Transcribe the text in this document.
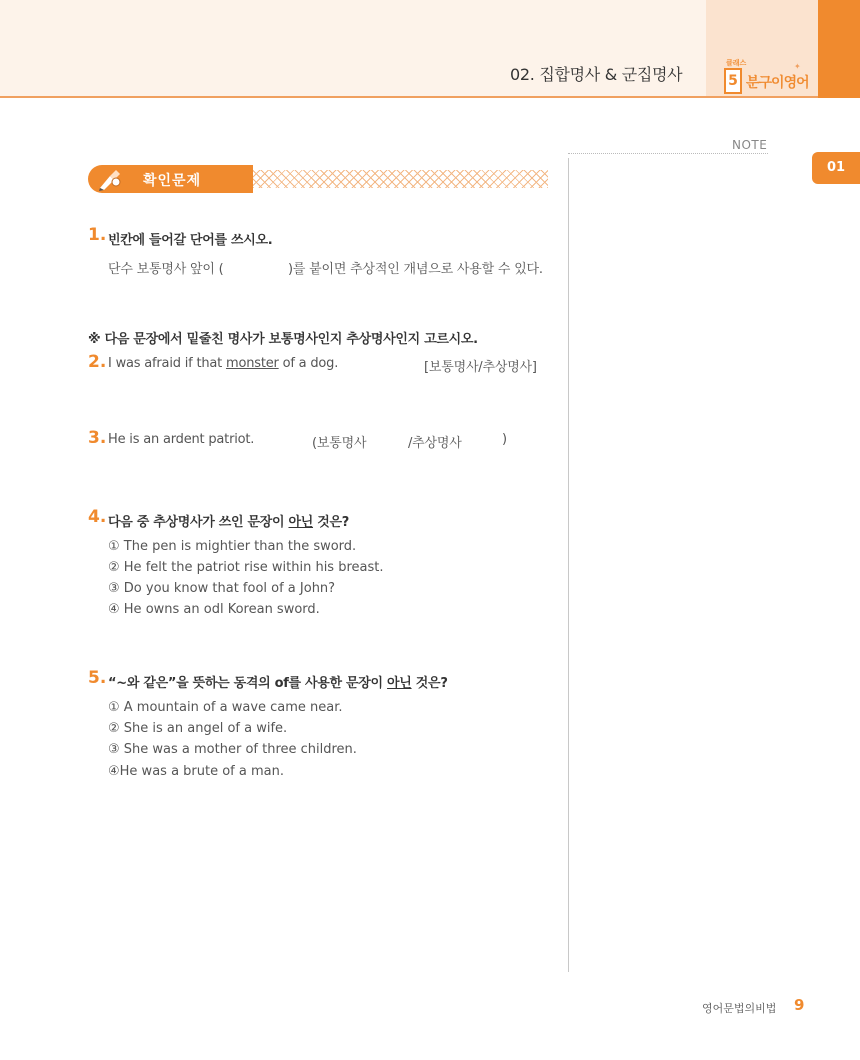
02. 집합명사 & 군집명사
클래스
5 분구이영어
✦
01
NOTE
확인문제
1. 빈칸에 들어갈 단어를 쓰시오.
단수 보통명사 앞이 (	)를 붙이면 추상적인 개념으로 사용할 수 있다.
※ 다음 문장에서 밑줄친 명사가 보통명사인지 추상명사인지 고르시오.
2. I was afraid if that monster of a dog.	[보통명사/추상명사]
3. He is an ardent patriot.	(보통명사	/추상명사	)
4. 다음 중 추상명사가 쓰인 문장이 아닌 것은?
① The pen is mightier than the sword.
② He felt the patriot rise within his breast.
③ Do you know that fool of a John?
④ He owns an odl Korean sword.
5. “~와 같은”을 뜻하는 동격의 of를 사용한 문장이 아닌 것은?
① A mountain of a wave came near.
② She is an angel of a wife.
③ She was a mother of three children.
④He was a brute of a man.
영어문법의비법 9
